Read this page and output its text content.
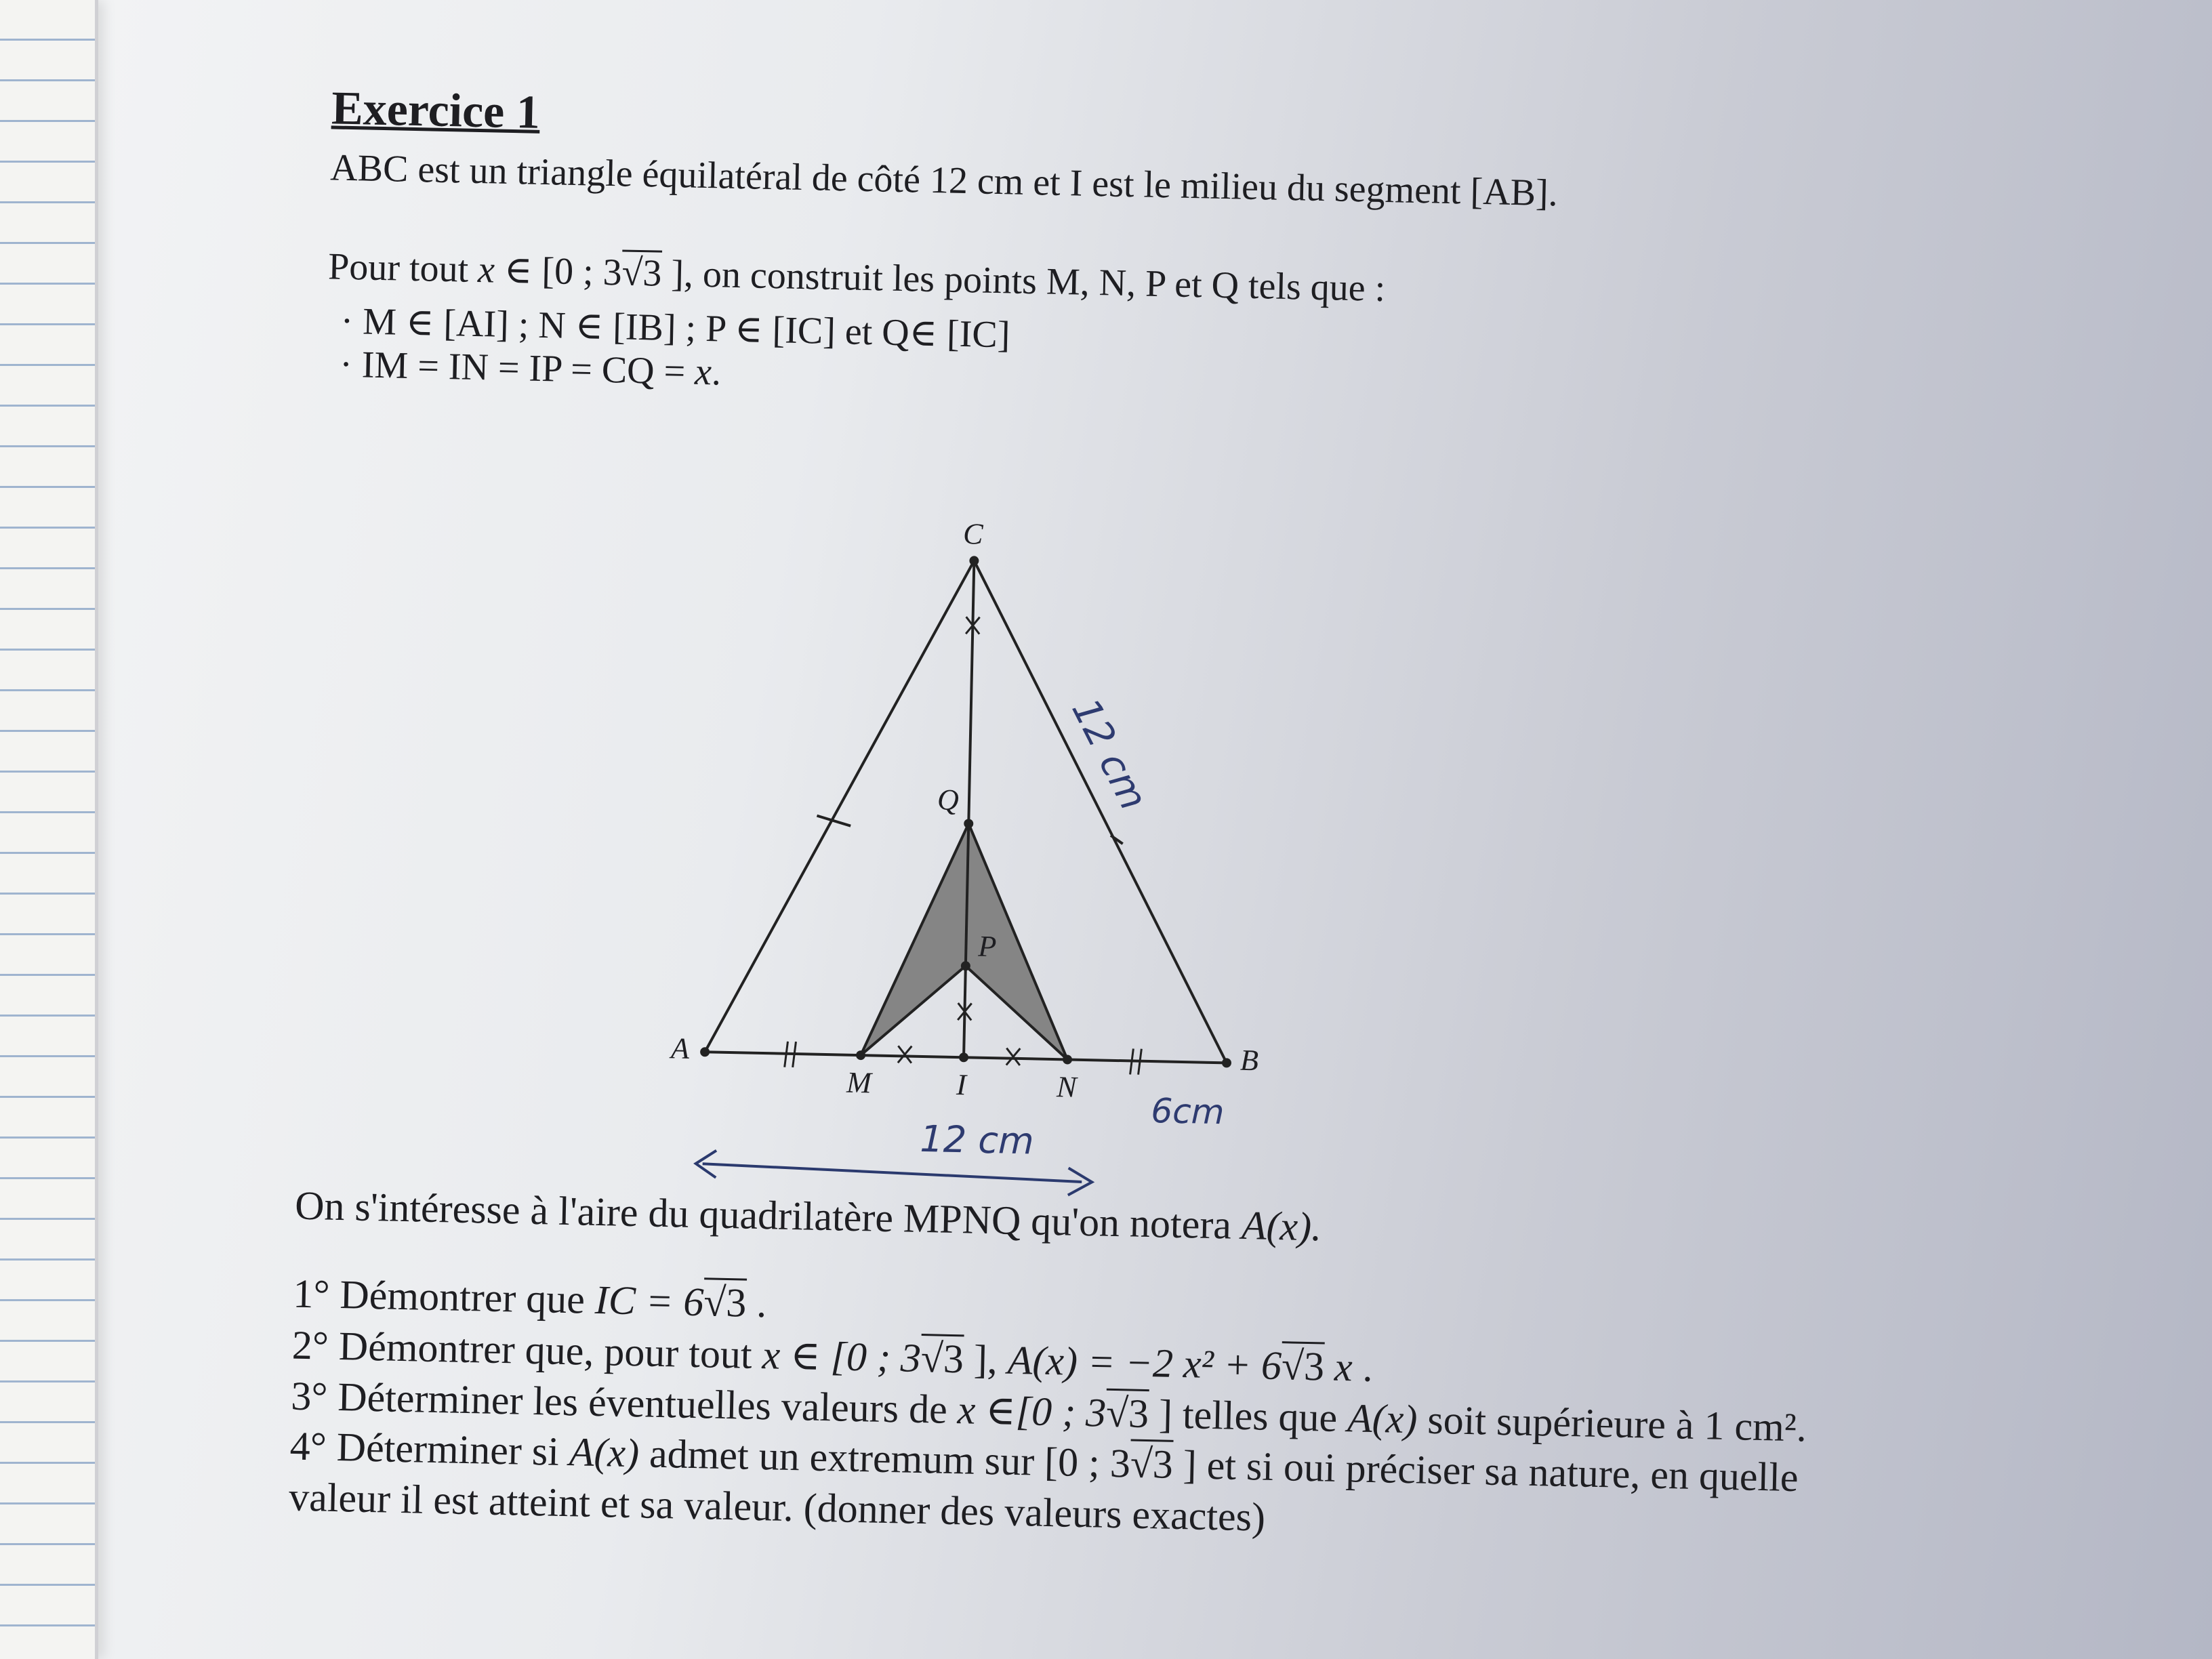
Exercice 1

ABC est un triangle équilatéral de côté 12 cm et I est le milieu du segment [AB].

Pour tout x ∈ [0 ; 3√3 ], on construit les points M, N, P et Q tels que :

· M ∈ [AI] ; N ∈ [IB] ; P ∈ [IC] et Q∈ [IC]
· IM = IN = IP = CQ = x.
A	B
C
I
M	N
P
Q	12 cm
6cm
12 cm

On s'intéresse à l'aire du quadrilatère MPNQ qu'on notera A(x).

1° Démontrer que IC = 6√3 .

2° Démontrer que, pour tout x ∈ [0 ; 3√3 ], A(x) = −2 x² + 6√3 x .

3° Déterminer les éventuelles valeurs de x ∈[0 ; 3√3 ] telles que A(x) soit supérieure à 1 cm².

4° Déterminer si A(x) admet un extremum sur [0 ; 3√3 ] et si oui préciser sa nature, en quelle

valeur il est atteint et sa valeur. (donner des valeurs exactes)
